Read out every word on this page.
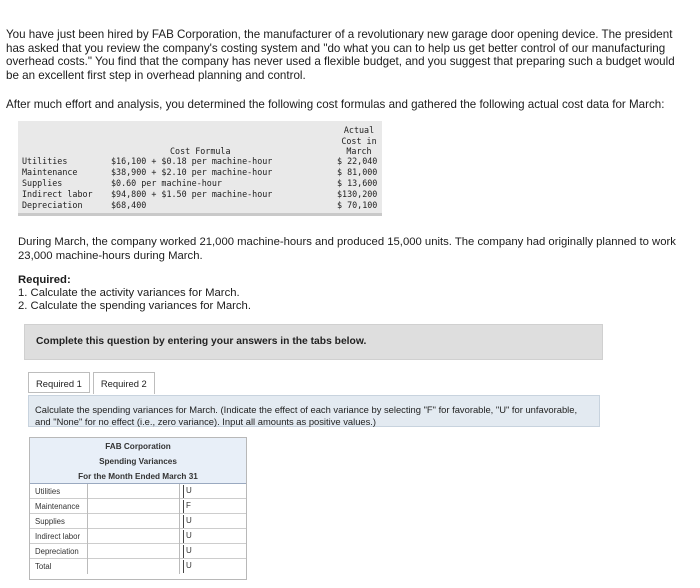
You have just been hired by FAB Corporation, the manufacturer of a revolutionary new garage door opening device. The president has asked that you review the company's costing system and "do what you can to help us get better control of our manufacturing overhead costs." You find that the company has never used a flexible budget, and you suggest that preparing such a budget would be an excellent first step in overhead planning and control.
After much effort and analysis, you determined the following cost formulas and gathered the following actual cost data for March:
Cost Formula
Actual
Cost in
March
Utilities	$16,100 + $0.18 per machine-hour	$ 22,040
Maintenance	$38,900 + $2.10 per machine-hour	$ 81,000
Supplies	$0.60 per machine-hour	$ 13,600
Indirect labor $94,800 + $1.50 per machine-hour	$130,200
Depreciation	$68,400	$ 70,100
During March, the company worked 21,000 machine-hours and produced 15,000 units. The company had originally planned to work 23,000 machine-hours during March.
Required:
1. Calculate the activity variances for March.
2. Calculate the spending variances for March.
Complete this question by entering your answers in the tabs below.
Required 1	Required 2
Calculate the spending variances for March. (Indicate the effect of each variance by selecting "F" for favorable, "U" for unfavorable, and "None" for no effect (i.e., zero variance). Input all amounts as positive values.)
FAB Corporation
Spending Variances
For the Month Ended March 31
Utilities	U
Maintenance	F
Supplies	U
Indirect labor	U
Depreciation	U
Total	U
